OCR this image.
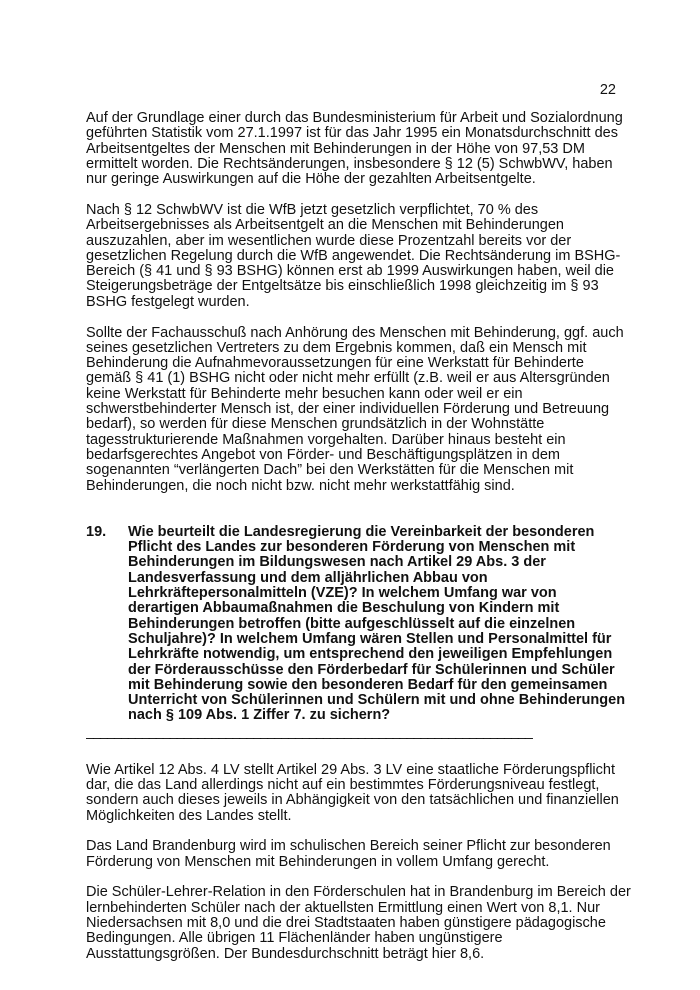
22

Auf der Grundlage einer durch das Bundesministerium für Arbeit und Sozialordnung geführten Statistik vom 27.1.1997 ist für das Jahr 1995 ein Monatsdurchschnitt des Arbeitsentgeltes der Menschen mit Behinderungen in der Höhe von 97,53 DM ermittelt worden. Die Rechtsänderungen, insbesondere § 12 (5) SchwbWV, haben nur geringe Auswirkungen auf die Höhe der gezahlten Arbeitsentgelte.

Nach § 12 SchwbWV ist die WfB jetzt gesetzlich verpflichtet, 70 % des Arbeitsergebnisses als Arbeitsentgelt an die Menschen mit Behinderungen auszuzahlen, aber im wesentlichen wurde diese Prozentzahl bereits vor der gesetzlichen Regelung durch die WfB angewendet. Die Rechtsänderung im BSHG-Bereich (§ 41 und § 93 BSHG) können erst ab 1999 Auswirkungen haben, weil die Steigerungsbeträge der Entgeltsätze bis einschließlich 1998 gleichzeitig im § 93 BSHG festgelegt wurden.

Sollte der Fachausschuß nach Anhörung des Menschen mit Behinderung, ggf. auch seines gesetzlichen Vertreters zu dem Ergebnis kommen, daß ein Mensch mit Behinderung die Aufnahmevoraussetzungen für eine Werkstatt für Behinderte gemäß § 41 (1) BSHG nicht oder nicht mehr erfüllt (z.B. weil er aus Altersgründen keine Werkstatt für Behinderte mehr besuchen kann oder weil er ein schwerstbehinderter Mensch ist, der einer individuellen Förderung und Betreuung bedarf), so werden für diese Menschen grundsätzlich in der Wohnstätte tagesstrukturierende Maßnahmen vorgehalten. Darüber hinaus besteht ein bedarfsgerechtes Angebot von Förder- und Beschäftigungsplätzen in dem sogenannten “verlängerten Dach” bei den Werkstätten für die Menschen mit Behinderungen, die noch nicht bzw. nicht mehr werkstattfähig sind.

19.	Wie beurteilt die Landesregierung die Vereinbarkeit der besonderen Pflicht des Landes zur besonderen Förderung von Menschen mit Behinderungen im Bildungswesen nach Artikel 29 Abs. 3 der Landesverfassung und dem alljährlichen Abbau von Lehrkräftepersonalmitteln (VZE)? In welchem Umfang war von derartigen Abbaumaßnahmen die Beschulung von Kindern mit Behinderungen betroffen (bitte aufgeschlüsselt auf die einzelnen Schuljahre)? In welchem Umfang wären Stellen und Personalmittel für Lehrkräfte notwendig, um entsprechend den jeweiligen Empfehlungen der Förderausschüsse den Förderbedarf für Schülerinnen und Schüler mit Behinderung sowie den besonderen Bedarf für den gemeinsamen Unterricht von Schülerinnen und Schülern mit und ohne Behinderungen nach § 109 Abs. 1 Ziffer 7. zu sichern?

________________________________________________________________

Wie Artikel 12 Abs. 4 LV stellt Artikel 29 Abs. 3 LV eine staatliche Förderungspflicht dar, die das Land allerdings nicht auf ein bestimmtes Förderungsniveau festlegt, sondern auch dieses jeweils in Abhängigkeit von den tatsächlichen und finanziellen Möglichkeiten des Landes stellt.

Das Land Brandenburg wird im schulischen Bereich seiner Pflicht zur besonderen Förderung von Menschen mit Behinderungen in vollem Umfang gerecht.

Die Schüler-Lehrer-Relation in den Förderschulen hat in Brandenburg im Bereich der lernbehinderten Schüler nach der aktuellsten Ermittlung einen Wert von 8,1. Nur Niedersachsen mit 8,0 und die drei Stadtstaaten haben günstigere pädagogische Bedingungen. Alle übrigen 11 Flächenländer haben ungünstigere Ausstattungsgrößen. Der Bundesdurchschnitt beträgt hier 8,6.
